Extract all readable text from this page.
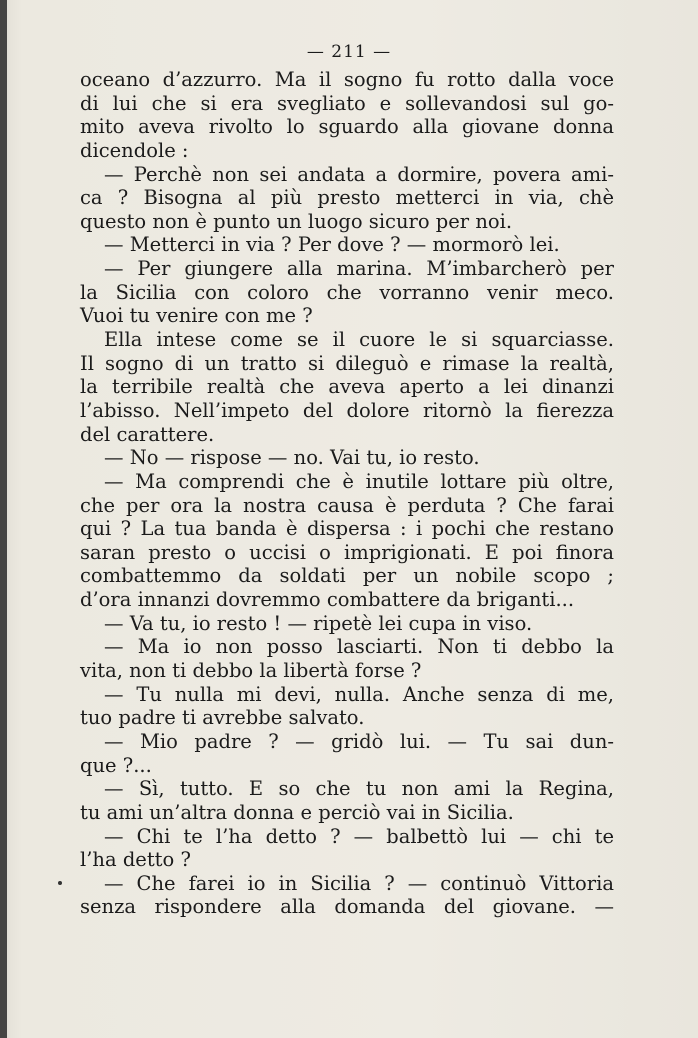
— 211 —
oceano d’azzurro. Ma il sogno fu rotto dalla voce
di lui che si era svegliato e sollevandosi sul go-
mito aveva rivolto lo sguardo alla giovane donna
dicendole :
— Perchè non sei andata a dormire, povera ami-
ca ? Bisogna al più presto metterci in via, chè
questo non è punto un luogo sicuro per noi.
— Metterci in via ? Per dove ? — mormorò lei.
— Per giungere alla marina. M’imbarcherò per
la Sicilia con coloro che vorranno venir meco.
Vuoi tu venire con me ?
Ella intese come se il cuore le si squarciasse.
Il sogno di un tratto si dileguò e rimase la realtà,
la terribile realtà che aveva aperto a lei dinanzi
l’abisso. Nell’impeto del dolore ritornò la fierezza
del carattere.
— No — rispose — no. Vai tu, io resto.
— Ma comprendi che è inutile lottare più oltre,
che per ora la nostra causa è perduta ? Che farai
qui ? La tua banda è dispersa : i pochi che restano
saran presto o uccisi o imprigionati. E poi finora
combattemmo da soldati per un nobile scopo ;
d’ora innanzi dovremmo combattere da briganti...
— Va tu, io resto ! — ripetè lei cupa in viso.
— Ma io non posso lasciarti. Non ti debbo la
vita, non ti debbo la libertà forse ?
— Tu nulla mi devi, nulla. Anche senza di me,
tuo padre ti avrebbe salvato.
— Mio padre ? — gridò lui. — Tu sai dun-
que ?...
— Sì, tutto. E so che tu non ami la Regina,
tu ami un’altra donna e perciò vai in Sicilia.
— Chi te l’ha detto ? — balbettò lui — chi te
l’ha detto ?
— Che farei io in Sicilia ? — continuò Vittoria
senza rispondere alla domanda del giovane. —
